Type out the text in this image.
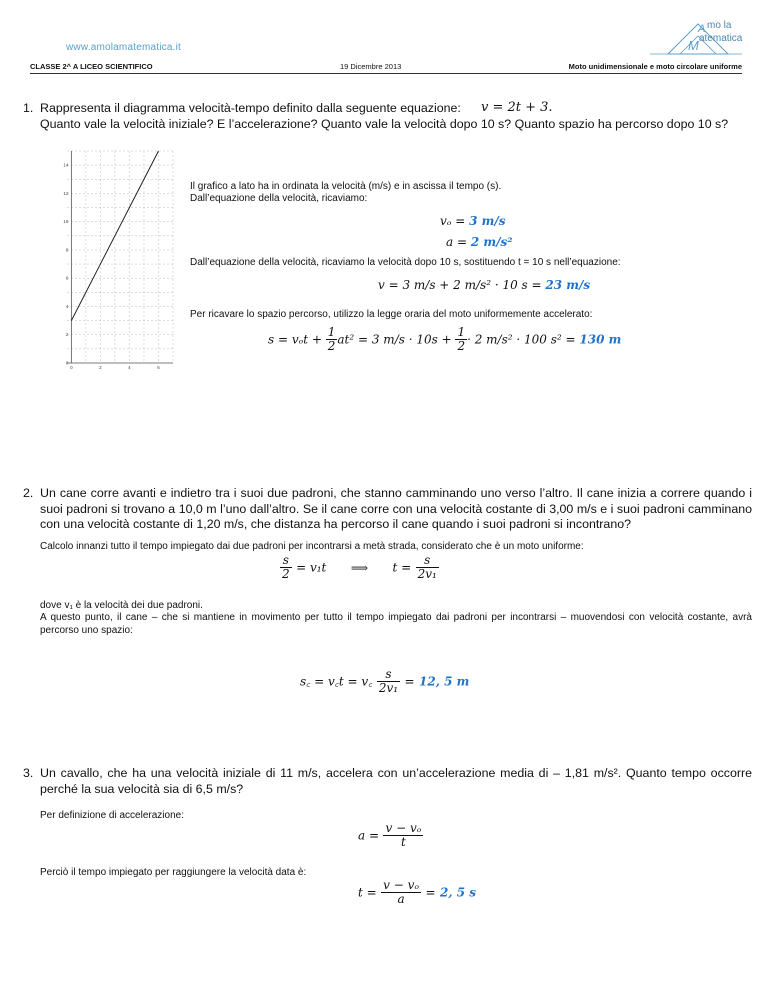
www.amolamatematica.it
A
M
mo la
atematica
CLASSE 2^ A LICEO SCIENTIFICO	19 Dicembre 2013	Moto unidimensionale e moto circolare uniforme
1. Rappresenta il diagramma velocità-tempo definito dalla seguente equazione: v = 2t + 3.
Quanto vale la velocità iniziale? E l’accelerazione? Quanto vale la velocità dopo 10 s? Quanto spazio ha percorso dopo 10 s?
0	2	4	6
0
2
4
6
8
10
12
14
Il grafico a lato ha in ordinata la velocità (m/s) e in ascissa il tempo (s).
Dall’equazione della velocità, ricaviamo:
vₒ = 3 m/s
a = 2 m/s²
Dall’equazione della velocità, ricaviamo la velocità dopo 10 s, sostituendo t = 10 s nell’equazione:
v = 3 m/s + 2 m/s² · 10 s = 23 m/s
Per ricavare lo spazio percorso, utilizzo la legge oraria del moto uniformemente accelerato:
$s = v_ot + \frac{1}{2} at^2 = 3$ $m/s \cdot 10s + \frac{1}{2} \cdot 2$ m/s² · 100 s² = 130 m
2. Un cane corre avanti e indietro tra i suoi due padroni, che stanno camminando uno verso l’altro. Il cane inizia a correre quando i suoi padroni si trovano a 10,0 m l’uno dall’altro. Se il cane corre con una velocità costante di 3,00 m/s e i suoi padroni camminano con una velocità costante di 1,20 m/s, che distanza ha percorso il cane quando i suoi padroni si incontrano?
Calcolo innanzi tutto il tempo impiegato dai due padroni per incontrarsi a metà strada, considerato che è un moto uniforme:
$\frac{s}{2} = v_1t$ ⟹ $t = \frac{s}{\text{2v₁}}$
dove v₁ è la velocità dei due padroni.
A questo punto, il cane – che si mantiene in movimento per tutto il tempo impiegato dai padroni per incontrarsi – muovendosi con velocità costante, avrà percorso uno spazio:
s꜀ = v꜀t = v꜀ $\frac{s}{\text{2v₁}} = 12$, 5 m
3. Un cavallo, che ha una velocità iniziale di 11 m/s, accelera con un’accelerazione media di – 1,81 m/s². Quanto tempo occorre perché la sua velocità sia di 6,5 m/s?
Per definizione di accelerazione:
$a = \frac{\text{v − vₒ}}{t}$
Perciò il tempo impiegato per raggiungere la velocità data è:
$t = \frac{\text{v − vₒ}}{a} = 2$, 5 s
